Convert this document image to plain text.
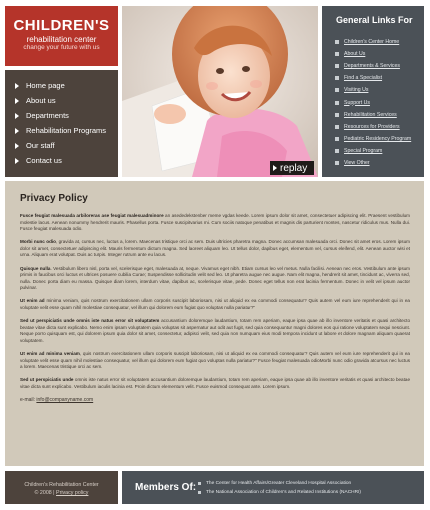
CHILDREN'S
rehabilitation center
change your future with us
Home page
About us
Departments
Rehabilitation Programs
Our staff
Contact us
replay
General Links For
Children's Center Home
About Us
Departments & Services
Find a Specialist
Visiting Us
Support Us
Rehabilitation Services
Resources for Providers
Pediatric Residency Program
Special Program
View Other
Privacy Policy

Fusce feugiat malesuada arbiloreras ase feugiat malesuadminore an asededekstenber meme vgdas keede. Lorem ipsum dolor sit amet, consectetuer adipiscing elit. Praesent vestibulum molestie lacus. Aenean nonummy hendrerit mauris. Phasellus porta. Fusce suscipitvarius mi. Cum sociis natoque penatibus et magnis dis parturient montes, nascetur ridiculus mus. Nulla dui. Fusce feugiat malesuada odio.

Morbi nunc odio, gravida at, cursus nec, luctus a, lorem. Maecenas tristique orci ac sem. Duis ultricies pharetra magna. Donec accumsan malesuada orci. Donec sit amet eros. Lorem ipsum dolor sit amet, consectetuer adipiscing elit. Mauris fermentum dictum magna. Sed laoreet aliquam leo. Ut tellus dolor, dapibus eget, elementum vel, cursus eleifend, elit. Aenean auctor wisi et urna. Aliquam erat volutpat. Duis ac turpis. Integer rutrum ante eu lacus.

Quisque nulla. Vestibulum libero nisl, porta vel, scelerisque eget, malesuada at, neque. Vivamus eget nibh. Etiam cursus leo vel metus. Nulla facilisi. Aenean nec eros. Vestibulum ante ipsum primis in faucibus orci luctus et ultrices posuere cubilia Curae; Suspendisse sollicitudin velit sed leo. Ut pharetra augue nec augue. Nam elit magna, hendrerit sit amet, tincidunt ac, viverra sed, nulla. Donec porta diam eu massa. Quisque diam lorem, interdum vitae, dapibus ac, scelerisque vitae, pede. Donec eget tellus non erat lacinia fermentum. Donec in velit vel ipsum auctor pulvinar.

Ut enim ad minima veniam, quis nostrum exercitationem ullam corporis suscipit laboriosam, nisi ut aliquid ex ea commodi consequatur? Quis autem vel eum iure reprehenderit qui in ea voluptate velit esse quam nihil molestiae consequatur, vel illum qui dolorem eum fugiat quo voluptas nulla pariatur?"

Sed ut perspiciatis unde omnis iste natus error sit voluptatem accusantium doloremque laudantium, totam rem aperiam, eaque ipsa quae ab illo inventore veritatis et quasi architecto beatae vitae dicta sunt explicabo. Nemo enim ipsam voluptatem quia voluptas sit aspernatur aut odit aut fugit, sed quia consequuntur magni dolores eos qui ratione voluptatem sequi nesciunt. Neque porro quisquam est, qui dolorem ipsum quia dolor sit amet, consectetur, adipisci velit, sed quia non numquam eius modi tempora incidunt ut labore et dolore magnam aliquam quaerat voluptatem.

Ut enim ad minima veniam, quis nostrum exercitationem ullam corporis suscipit laboriosam, nisi ut aliquid ex ea commodi consequatur? Quis autem vel eum iure reprehenderit qui in ea voluptate velit esse quam nihil molestiae consequatur, vel illum qui dolorem eum fugiat quo voluptas nulla pariatur?" Fusce feugiat malesuada odioMorbi nunc odio gravida atcursus nec luctus a lorem. Maecenas tristique orci ac sem.

Sed ut perspiciatis unde omnis iste natus error sit voluptatem accusantium doloremque laudantium, totam rem aperiam, eaque ipsa quae ab illo inventore veritatis et quasi architecto beatae vitae dicta sunt explicabo. Vestibulum iaculis lacinia est. Proin dictum elementum velit. Fusce euismod consequat ante. Lorem ipsum.

e-mail: info@companyname.com
Children's Rehabilitation Center
© 2008 | Privacy policy	Members Of:	The Center for Health Affairs/Greater Cleveland Hospital Association
The National Association of Children's and Related Institutions (NACHRI)
